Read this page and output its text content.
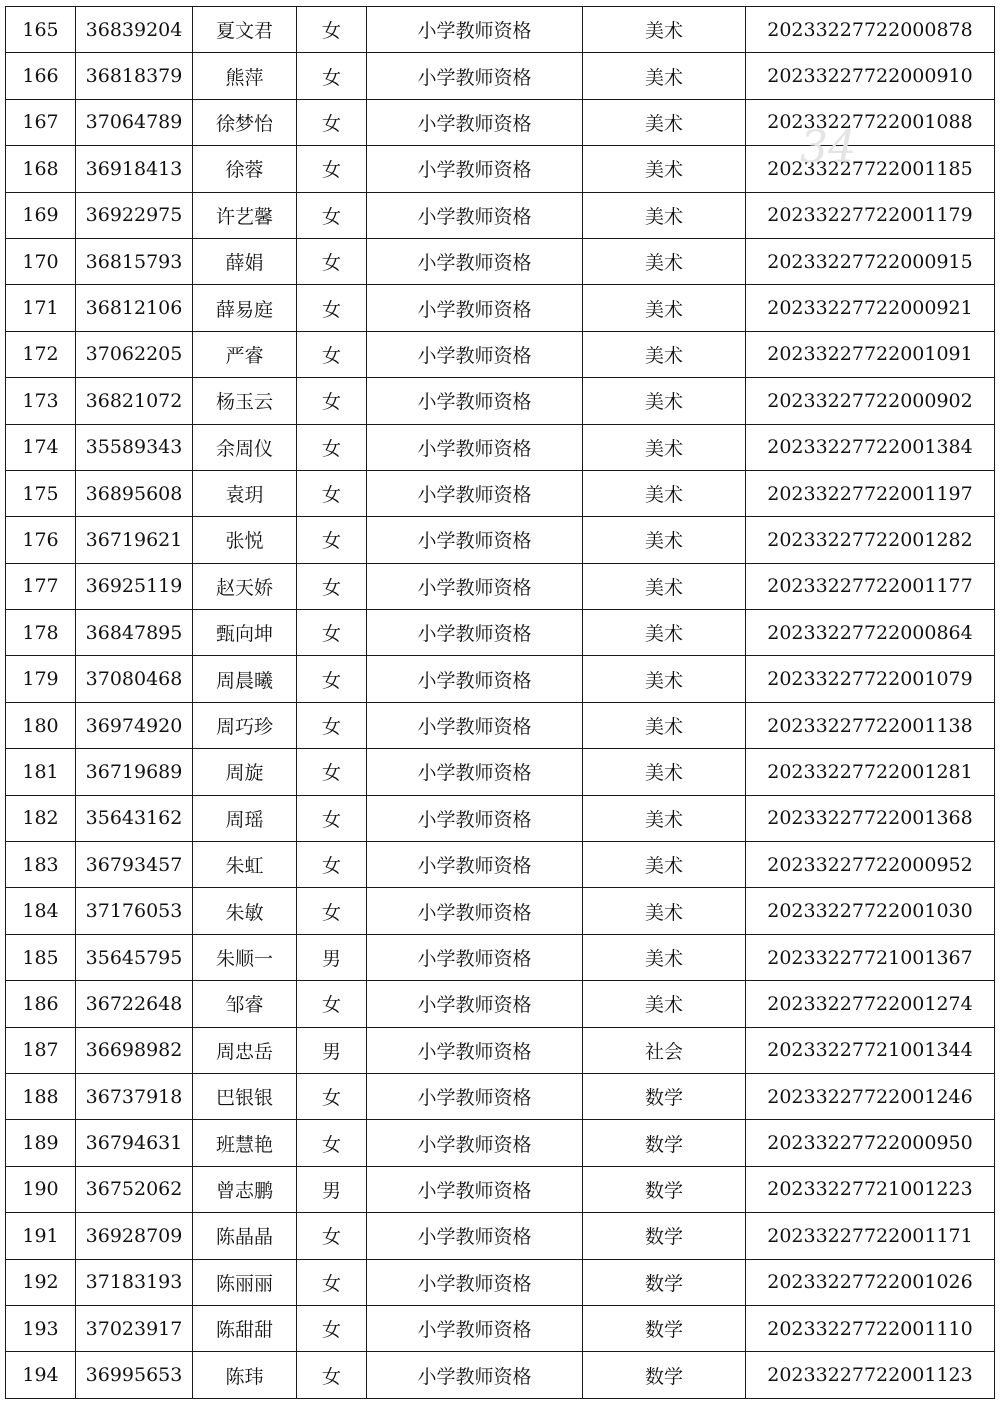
165	36839204	夏文君	女	小学教师资格	美术	20233227722000878
166	36818379	熊萍	女	小学教师资格	美术	20233227722000910
167	37064789	徐梦怡	女	小学教师资格	美术	20233227722001088
168	36918413	徐蓉	女	小学教师资格	美术	20233227722001185
169	36922975	许艺馨	女	小学教师资格	美术	20233227722001179
170	36815793	薛娟	女	小学教师资格	美术	20233227722000915
171	36812106	薛易庭	女	小学教师资格	美术	20233227722000921
172	37062205	严睿	女	小学教师资格	美术	20233227722001091
173	36821072	杨玉云	女	小学教师资格	美术	20233227722000902
174	35589343	余周仪	女	小学教师资格	美术	20233227722001384
175	36895608	袁玥	女	小学教师资格	美术	20233227722001197
176	36719621	张悦	女	小学教师资格	美术	20233227722001282
177	36925119	赵天娇	女	小学教师资格	美术	20233227722001177
178	36847895	甄向坤	女	小学教师资格	美术	20233227722000864
179	37080468	周晨曦	女	小学教师资格	美术	20233227722001079
180	36974920	周巧珍	女	小学教师资格	美术	20233227722001138
181	36719689	周旋	女	小学教师资格	美术	20233227722001281
182	35643162	周瑶	女	小学教师资格	美术	20233227722001368
183	36793457	朱虹	女	小学教师资格	美术	20233227722000952
184	37176053	朱敏	女	小学教师资格	美术	20233227722001030
185	35645795	朱顺一	男	小学教师资格	美术	20233227721001367
186	36722648	邹睿	女	小学教师资格	美术	20233227722001274
187	36698982	周忠岳	男	小学教师资格	社会	20233227721001344
188	36737918	巴银银	女	小学教师资格	数学	20233227722001246
189	36794631	班慧艳	女	小学教师资格	数学	20233227722000950
190	36752062	曾志鹏	男	小学教师资格	数学	20233227721001223
191	36928709	陈晶晶	女	小学教师资格	数学	20233227722001171
192	37183193	陈丽丽	女	小学教师资格	数学	20233227722001026
193	37023917	陈甜甜	女	小学教师资格	数学	20233227722001110
194	36995653	陈玮	女	小学教师资格	数学	20233227722001123
34
